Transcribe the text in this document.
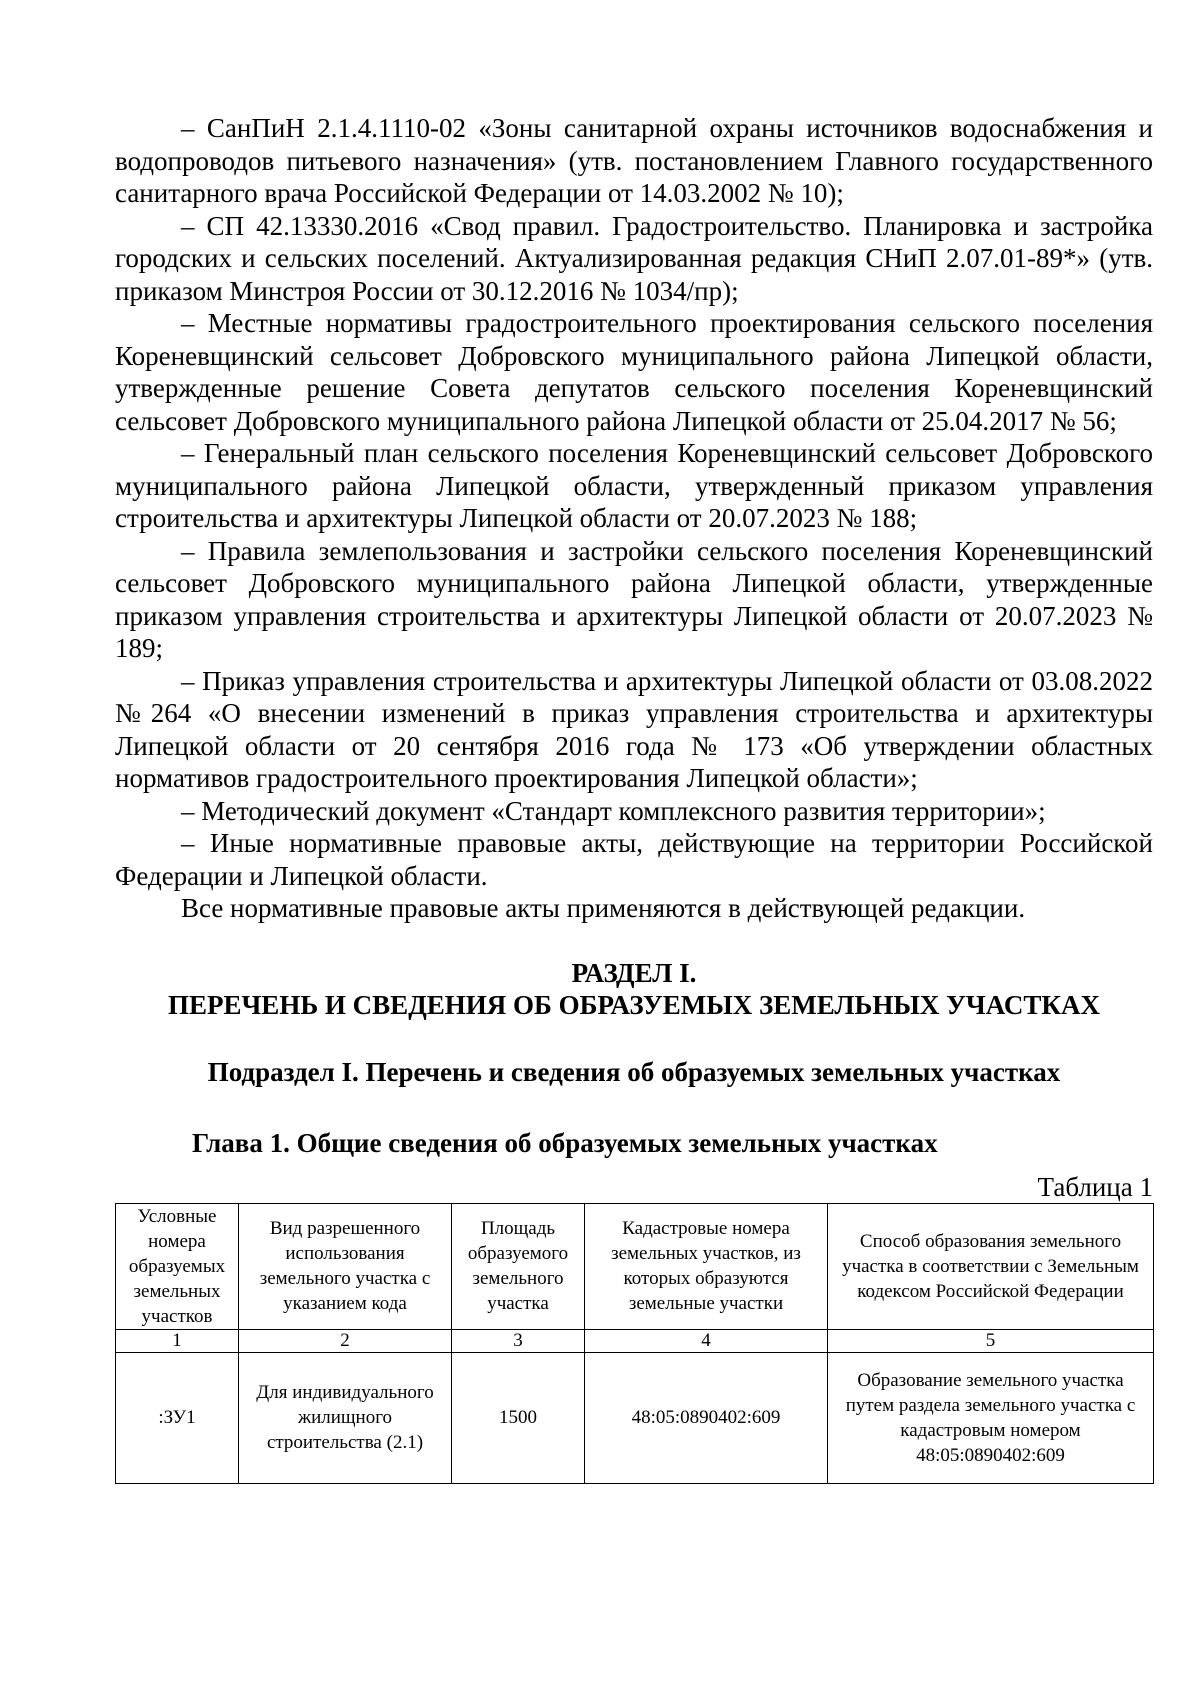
– СанПиН 2.1.4.1110-02 «Зоны санитарной охраны источников водоснабжения и водопроводов питьевого назначения» (утв. постановлением Главного государственного санитарного врача Российской Федерации от 14.03.2002 № 10);

– СП 42.13330.2016 «Свод правил. Градостроительство. Планировка и застройка городских и сельских поселений. Актуализированная редакция СНиП 2.07.01-89*» (утв. приказом Минстроя России от 30.12.2016 № 1034/пр);

– Местные нормативы градостроительного проектирования сельского поселения Кореневщинский сельсовет Добровского муниципального района Липецкой области, утвержденные решение Совета депутатов сельского поселения Кореневщинский сельсовет Добровского муниципального района Липецкой области от 25.04.2017 № 56;

– Генеральный план сельского поселения Кореневщинский сельсовет Добровского муниципального района Липецкой области, утвержденный приказом управления строительства и архитектуры Липецкой области от 20.07.2023 № 188;

– Правила землепользования и застройки сельского поселения Кореневщинский сельсовет Добровского муниципального района Липецкой области, утвержденные приказом управления строительства и архитектуры Липецкой области от 20.07.2023 № 189;

– Приказ управления строительства и архитектуры Липецкой области от 03.08.2022 №264 «О внесении изменений в приказ управления строительства и архитектуры Липецкой области от 20 сентября 2016 года № 173 «Об утверждении областных нормативов градостроительного проектирования Липецкой области»;

– Методический документ «Стандарт комплексного развития территории»;

– Иные нормативные правовые акты, действующие на территории Российской Федерации и Липецкой области.

Все нормативные правовые акты применяются в действующей редакции.

РАЗДЕЛ I.

ПЕРЕЧЕНЬ И СВЕДЕНИЯ ОБ ОБРАЗУЕМЫХ ЗЕМЕЛЬНЫХ УЧАСТКАХ

Подраздел I. Перечень и сведения об образуемых земельных участках

Глава 1. Общие сведения об образуемых земельных участках

Таблица 1

Условные номера образуемых земельных участков	Вид разрешенного использования земельного участка с указанием кода	Площадь образуемого земельного участка	Кадастровые номера земельных участков, из которых образуются земельные участки	Способ образования земельного участка в соответствии с Земельным кодексом Российской Федерации
1	2	3	4	5
:ЗУ1	Для индивидуального жилищного строительства (2.1)	1500	48:05:0890402:609	Образование земельного участка путем раздела земельного участка с кадастровым номером 48:05:0890402:609
